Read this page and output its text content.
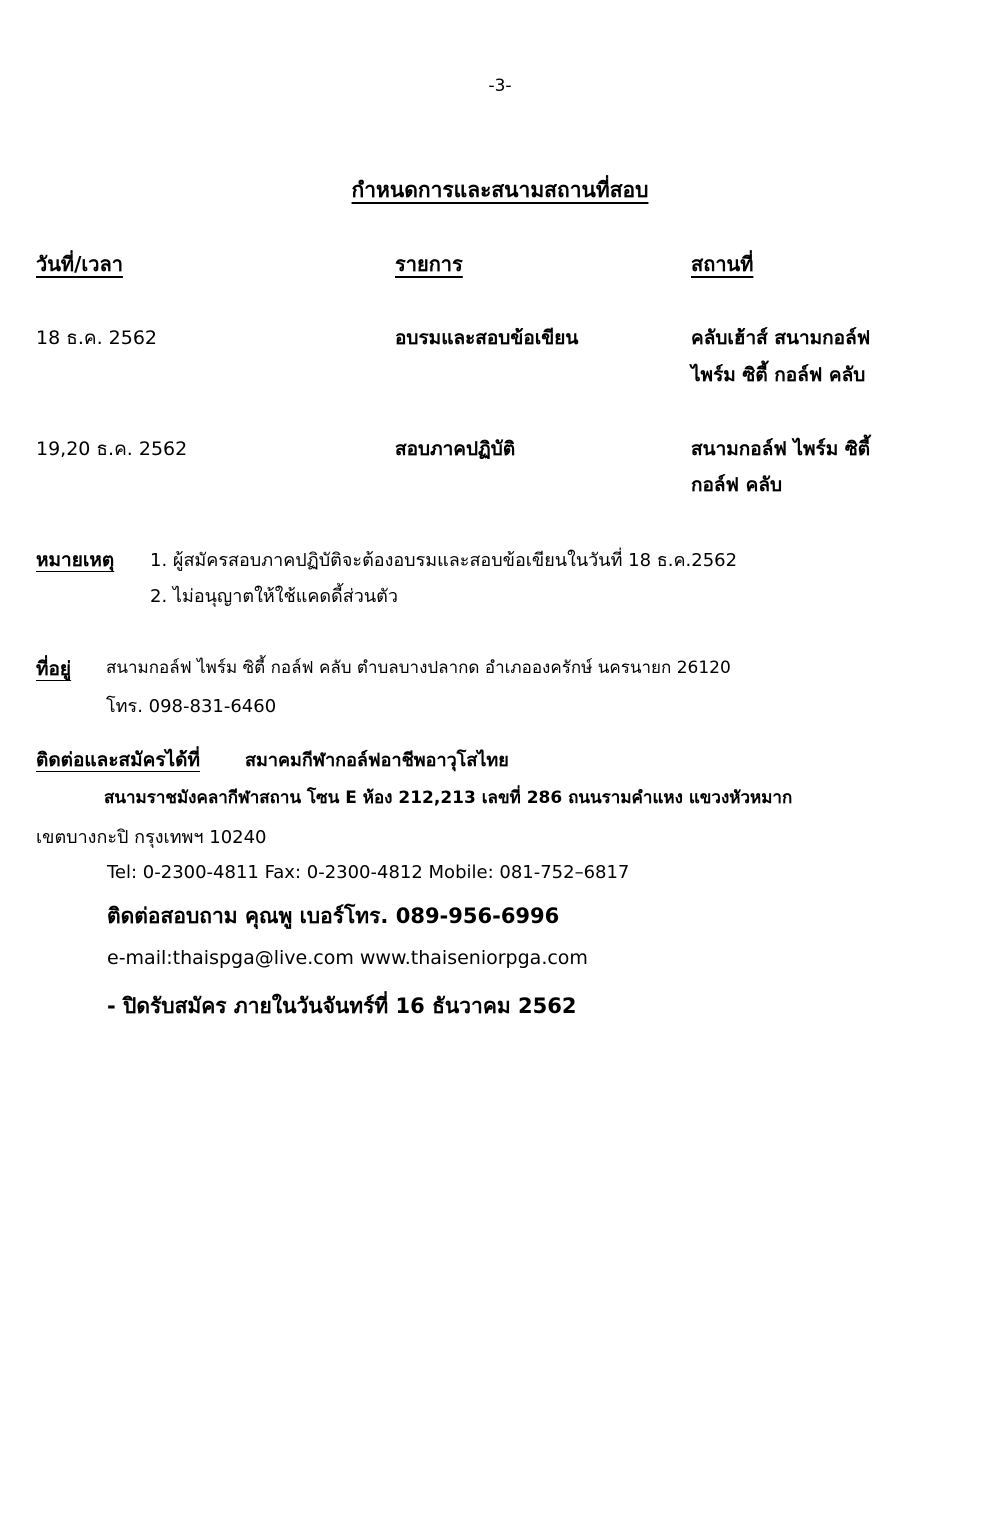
-3-
กำหนดการและสนามสถานที่สอบ
วันที่/เวลา	รายการ	สถานที่
18 ธ.ค. 2562	อบรมและสอบข้อเขียน	คลับเฮ้าส์ สนามกอล์ฟ
ไพร์ม ซิตี้ กอล์ฟ คลับ
19,20 ธ.ค. 2562	สอบภาคปฏิบัติ	สนามกอล์ฟ ไพร์ม ซิตี้
กอล์ฟ คลับ
หมายเหตุ 1. ผู้สมัครสอบภาคปฏิบัติจะต้องอบรมและสอบข้อเขียนในวันที่ 18 ธ.ค.2562
2. ไม่อนุญาตให้ใช้แคดดี้ส่วนตัว
ที่อยู่ สนามกอล์ฟ ไพร์ม ซิตี้ กอล์ฟ คลับ ตำบลบางปลากด อำเภอองครักษ์ นครนายก 26120
โทร. 098-831-6460
ติดต่อและสมัครได้ที่	สมาคมกีฬากอล์ฟอาชีพอาวุโสไทย
สนามราชมังคลากีฬาสถาน โซน E ห้อง 212,213 เลขที่ 286 ถนนรามคำแหง แขวงหัวหมาก
เขตบางกะปิ กรุงเทพฯ 10240
Tel: 0-2300-4811 Fax: 0-2300-4812 Mobile: 081-752–6817
ติดต่อสอบถาม คุณพู เบอร์โทร. 089-956-6996
e-mail:thaispga@live.com www.thaiseniorpga.com
- ปิดรับสมัคร ภายในวันจันทร์ที่ 16 ธันวาคม 2562
